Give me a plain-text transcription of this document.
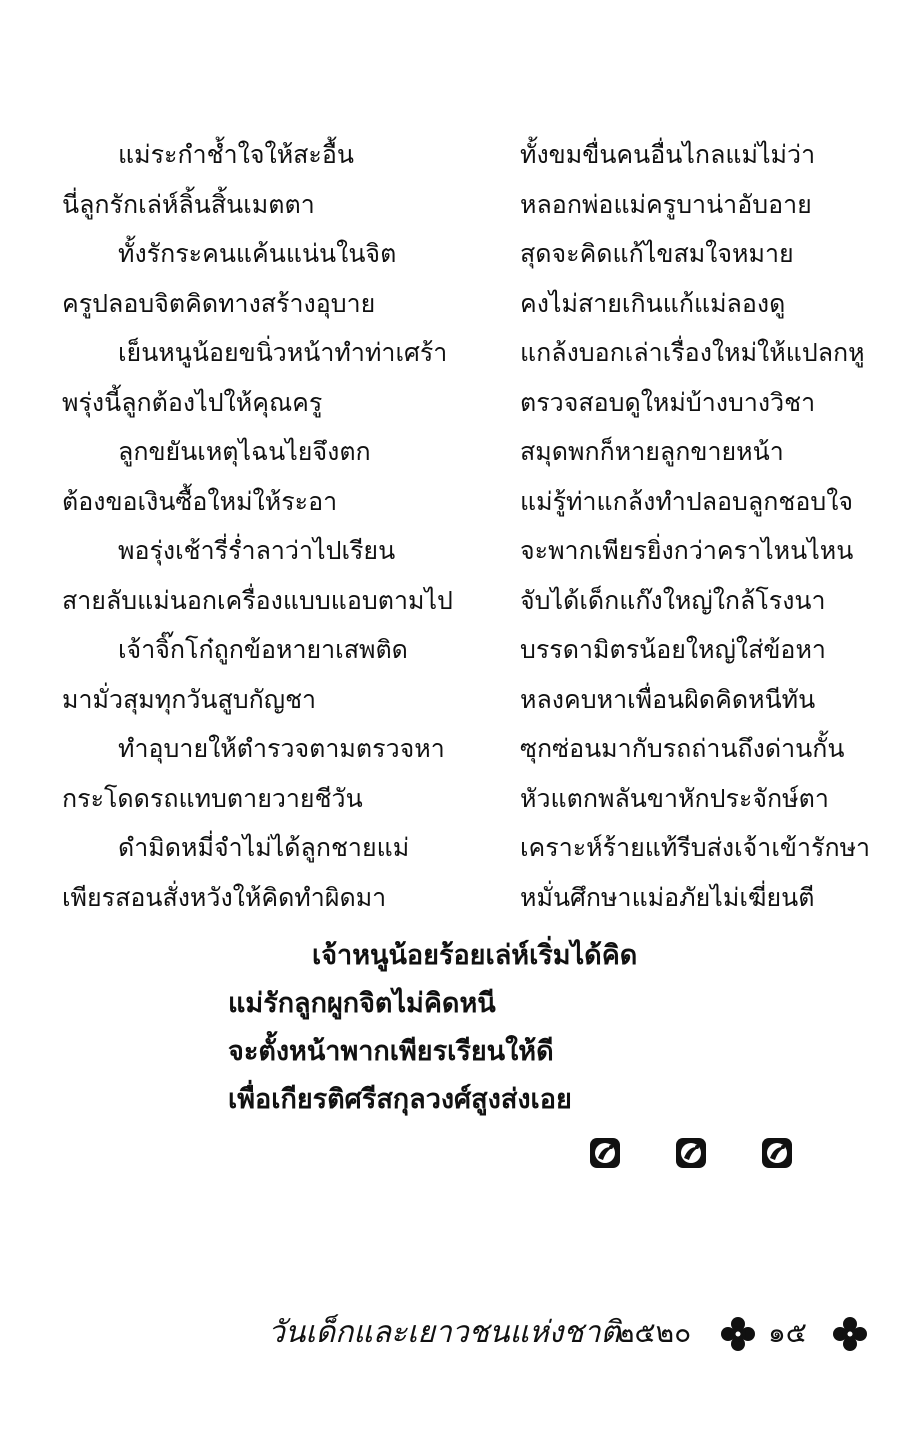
แม่ระกำช้ำใจให้สะอื้น	ทั้งขมขื่นคนอื่นไกลแม่ไม่ว่า
นี่ลูกรักเล่ห์ลิ้นสิ้นเมตตา	หลอกพ่อแม่ครูบาน่าอับอาย
ทั้งรักระคนแค้นแน่นในจิต	สุดจะคิดแก้ไขสมใจหมาย
ครูปลอบจิตคิดทางสร้างอุบาย	คงไม่สายเกินแก้แม่ลองดู
เย็นหนูน้อยขนิ่วหน้าทำท่าเศร้า	แกล้งบอกเล่าเรื่องใหม่ให้แปลกหู
พรุ่งนี้ลูกต้องไปให้คุณครู	ตรวจสอบดูใหม่บ้างบางวิชา
ลูกขยันเหตุไฉนไยจึงตก	สมุดพกก็หายลูกขายหน้า
ต้องขอเงินซื้อใหม่ให้ระอา	แม่รู้ท่าแกล้งทำปลอบลูกชอบใจ
พอรุ่งเช้ารี่ร่ำลาว่าไปเรียน	จะพากเพียรยิ่งกว่าคราไหนไหน
สายลับแม่นอกเครื่องแบบแอบตามไป	จับได้เด็กแก๊งใหญ่ใกล้โรงนา
เจ้าจิ๊กโก๋ถูกข้อหายาเสพติด	บรรดามิตรน้อยใหญ่ใส่ข้อหา
มามั่วสุมทุกวันสูบกัญชา	หลงคบหาเพื่อนผิดคิดหนีทัน
ทำอุบายให้ตำรวจตามตรวจหา	ซุกซ่อนมากับรถถ่านถึงด่านกั้น
กระโดดรถแทบตายวายชีวัน	หัวแตกพลันขาหักประจักษ์ตา
ดำมิดหมี่จำไม่ได้ลูกชายแม่	เคราะห์ร้ายแท้รีบส่งเจ้าเข้ารักษา
เพียรสอนสั่งหวังให้คิดทำผิดมา	หมั่นศึกษาแม่อภัยไม่เฆี่ยนตี
เจ้าหนูน้อยร้อยเล่ห์เริ่มได้คิด
แม่รักลูกผูกจิตไม่คิดหนี
จะตั้งหน้าพากเพียรเรียนให้ดี
เพื่อเกียรติศรีสกุลวงศ์สูงส่งเอย
วันเด็กและเยาวชนแห่งชาติ
๒๕๒๐	๑๕
